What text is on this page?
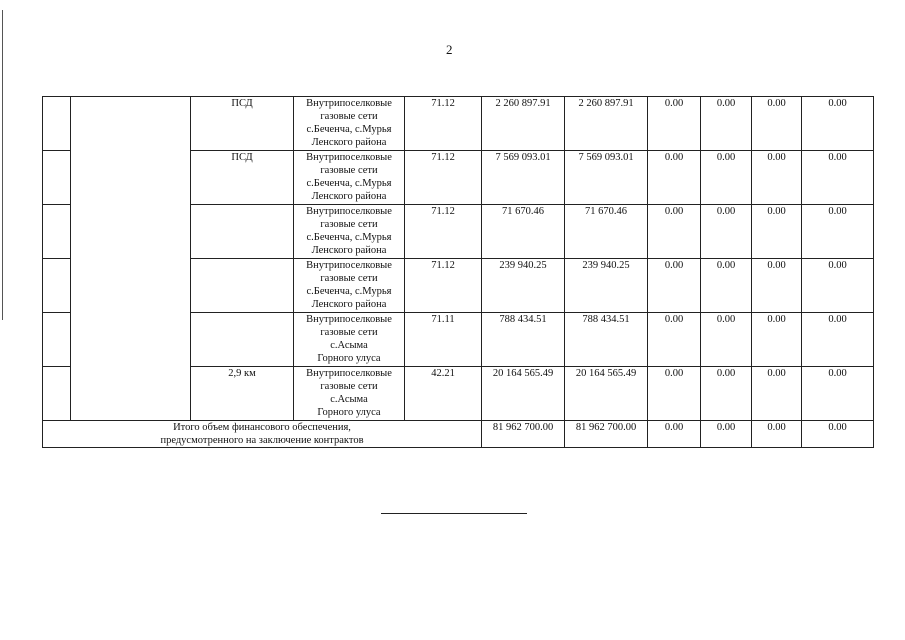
2
		ПСД	Внутрипоселковые
газовые сети
с.Беченча, с.Мурья
Ленского района	71.12	2 260 897.91	2 260 897.91	0.00	0.00	0.00	0.00
		ПСД	Внутрипоселковые
газовые сети
с.Беченча, с.Мурья
Ленского района	71.12	7 569 093.01	7 569 093.01	0.00	0.00	0.00	0.00

			Внутрипоселковые
газовые сети
с.Беченча, с.Мурья
Ленского района	71.12	71 670.46	71 670.46	0.00	0.00	0.00	0.00

			Внутрипоселковые
газовые сети
с.Беченча, с.Мурья
Ленского района	71.12	239 940.25	239 940.25	0.00	0.00	0.00	0.00

			Внутрипоселковые
газовые сети
с.Асыма
Горного улуса	71.11	788 434.51	788 434.51	0.00	0.00	0.00	0.00
		2,9 км	Внутрипоселковые
газовые сети
с.Асыма
Горного улуса	42.21	20 164 565.49	20 164 565.49	0.00	0.00	0.00	0.00

Итого объем финансового обеспечения,
предусмотренного на заключение контрактов					81 962 700.00	81 962 700.00	0.00	0.00	0.00	0.00
